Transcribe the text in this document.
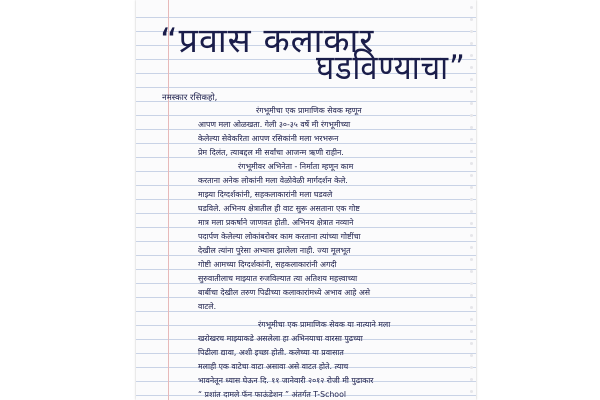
“प्रवास कलाकार
घडविण्याचा”
नमस्कार रसिकहो,
रंगभूमीचा एक प्रामाणिक सेवक म्हणून
आपण मला ओळखता. गेली ३०-३५ वर्षे मी रंगभूमीच्या
केलेल्या सेवेकरिता आपण रसिकांनी मला भरभरून
प्रेम दिलंत, त्याबद्दल मी सर्वांचा आजन्म ऋणी राहीन.
रंगभूमीवर अभिनेता - निर्माता म्हणून काम
करताना अनेक लोकांनी मला वेळोवेळी मार्गदर्शन केले.
माझ्या दिग्दर्शकांनी, सहकलाकारांनी मला घडवले
घडविले. अभिनय क्षेत्रातील ही वाट सुरू असताना एक गोष्ट
मात्र मला प्रकर्षाने जाणवत होती. अभिनय क्षेत्रात नव्याने
पदार्पण केलेल्या लोकांबरोबर काम करताना त्यांच्या गोष्टींचा
देखील त्यांना पुरेसा अभ्यास झालेला नाही. ज्या मूलभूत
गोष्टी आमच्या दिग्दर्शकांनी, सहकलाकारांनी अगदी
सुरुवातीलाच माझ्यात रुजविल्यात त्या अतिशय महत्त्वाच्या
बाबींचा देखील तरुण पिढीच्या कलाकारांमध्ये अभाव आहे असे
वाटले.
रंगभूमीचा एक प्रामाणिक सेवक या नात्याने मला
खरोखरच माझ्याकडे असलेला हा अभिनयाचा वारसा पुढच्या
पिढीला द्यावा, अशी इच्छा होती. कलेच्या या प्रवासात
मलाही एक वाटेचा वाटा असावा असे वाटत होते. त्याच
भावनेतून ध्यास घेऊन दि. ११ जानेवारी २०१२ रोजी मी पुढाकार
“ प्रशांत दामले फॅन फाऊंडेशन ” अंतर्गत T-School
